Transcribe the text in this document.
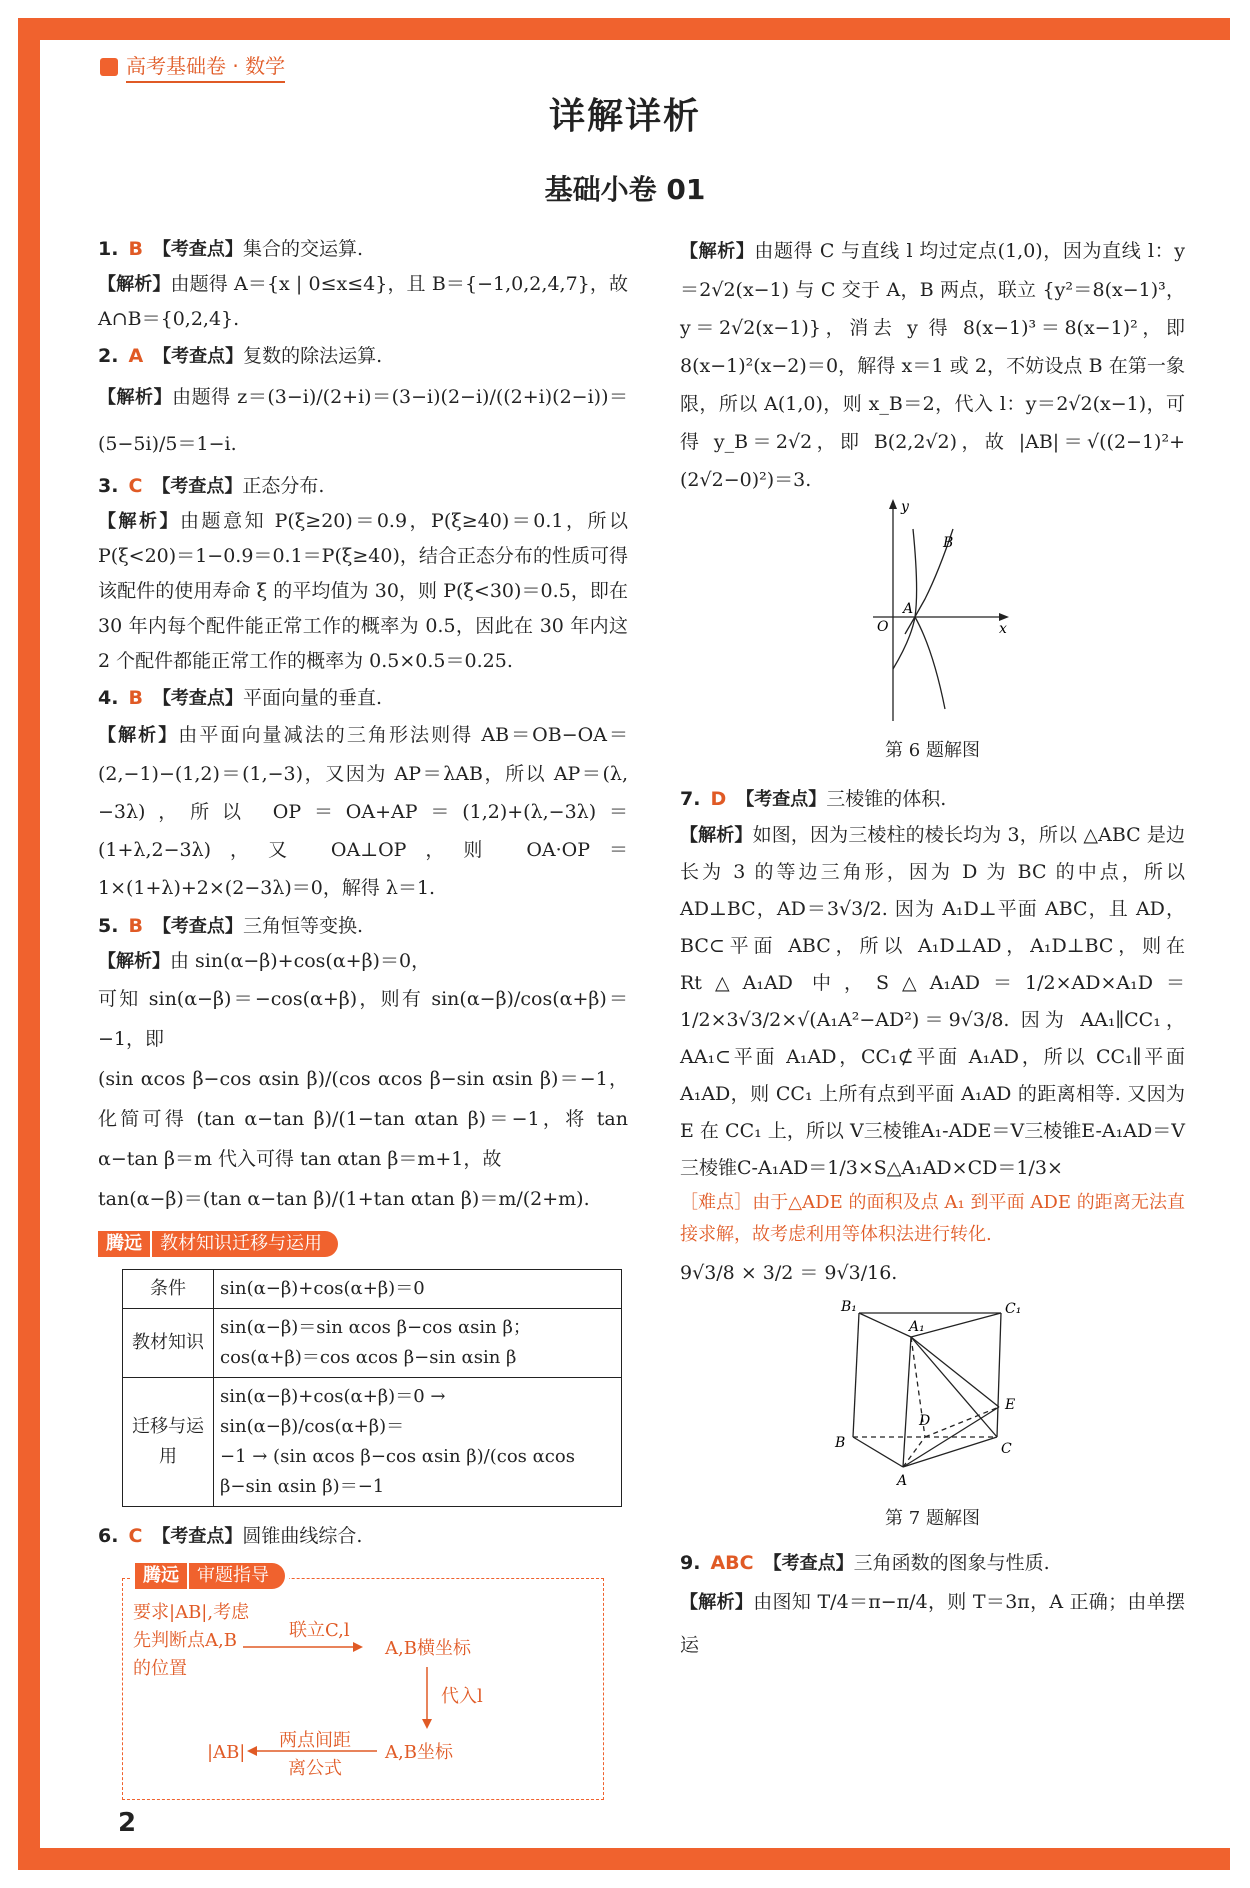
高考基础卷 · 数学
详解详析
基础小卷 01
1. B 【考查点】集合的交运算.

【解析】由题得 A＝{x | 0≤x≤4}，且 B＝{−1,0,2,4,7}，故 A∩B＝{0,2,4}.

2. A 【考查点】复数的除法运算.

【解析】由题得 z＝(3−i)/(2+i)＝(3−i)(2−i)/((2+i)(2−i))＝(5−5i)/5＝1−i.

3. C 【考查点】正态分布.

【解析】由题意知 P(ξ≥20)＝0.9，P(ξ≥40)＝0.1，所以 P(ξ<20)＝1−0.9＝0.1＝P(ξ≥40)，结合正态分布的性质可得该配件的使用寿命 ξ 的平均值为 30，则 P(ξ<30)＝0.5，即在 30 年内每个配件能正常工作的概率为 0.5，因此在 30 年内这 2 个配件都能正常工作的概率为 0.5×0.5＝0.25.

4. B 【考查点】平面向量的垂直.

【解析】由平面向量减法的三角形法则得 AB＝OB−OA＝(2,−1)−(1,2)＝(1,−3)，又因为 AP＝λAB，所以 AP＝(λ,−3λ)，所以 OP＝OA+AP＝(1,2)+(λ,−3λ)＝(1+λ,2−3λ)，又 OA⊥OP，则 OA·OP＝1×(1+λ)+2×(2−3λ)＝0，解得 λ＝1.

5. B 【考查点】三角恒等变换.

【解析】由 sin(α−β)+cos(α+β)＝0，

可知 sin(α−β)＝−cos(α+β)，则有 sin(α−β)/cos(α+β)＝−1，即

(sin αcos β−cos αsin β)/(cos αcos β−sin αsin β)＝−1，化简可得 (tan α−tan β)/(1−tan αtan β)＝−1，将 tan α−tan β＝m 代入可得 tan αtan β＝m+1，故

tan(α−β)＝(tan α−tan β)/(1+tan αtan β)＝m/(2+m).

腾远	教材知识迁移与运用
条件	sin(α−β)+cos(α+β)＝0
教材知识	sin(α−β)＝sin αcos β−cos αsin β；
cos(α+β)＝cos αcos β−sin αsin β

迁移与运用	sin(α−β)+cos(α+β)＝0 → sin(α−β)/cos(α+β)＝
−1 → (sin αcos β−cos αsin β)/(cos αcos β−sin αsin β)＝−1
6. C 【考查点】圆锥曲线综合.
腾远	审题指导
要求|AB|,考虑
先判断点A,B
的位置
联立C,l
A,B横坐标
代入l
两点间距
离公式
|AB|	A,B坐标

【解析】由题得 C 与直线 l 均过定点(1,0)，因为直线 l：y＝2√2(x−1) 与 C 交于 A，B 两点，联立 {y²＝8(x−1)³，y＝2√2(x−1)}，消去 y 得 8(x−1)³＝8(x−1)²，即 8(x−1)²(x−2)＝0，解得 x＝1 或 2，不妨设点 B 在第一象限，所以 A(1,0)，则 x_B＝2，代入 l：y＝2√2(x−1)，可得 y_B＝2√2，即 B(2,2√2)，故 |AB|＝√((2−1)²+(2√2−0)²)＝3.

y
x
O
A
B
第 6 题解图
7. D 【考查点】三棱锥的体积.

【解析】如图，因为三棱柱的棱长均为 3，所以 △ABC 是边长为 3 的等边三角形，因为 D 为 BC 的中点，所以 AD⊥BC，AD＝3√3/2. 因为 A₁D⊥平面 ABC，且 AD，BC⊂平面 ABC，所以 A₁D⊥AD，A₁D⊥BC，则在 Rt△A₁AD 中，S△A₁AD＝1/2×AD×A₁D＝1/2×3√3/2×√(A₁A²−AD²)＝9√3/8. 因为 AA₁∥CC₁，AA₁⊂平面 A₁AD，CC₁⊄平面 A₁AD，所以 CC₁∥平面 A₁AD，则 CC₁ 上所有点到平面 A₁AD 的距离相等. 又因为 E 在 CC₁ 上，所以 V三棱锥A₁-ADE＝V三棱锥E-A₁AD＝V三棱锥C-A₁AD＝1/3×S△A₁AD×CD＝1/3×

［难点］由于△ADE 的面积及点 A₁ 到平面 ADE 的距离无法直接求解，故考虑利用等体积法进行转化.

9√3/8 × 3/2 ＝ 9√3/16.

B₁	C₁
A₁
E
D
B	C
A
第 7 题解图
9. ABC 【考查点】三角函数的图象与性质.

【解析】由图知 T/4＝π−π/4，则 T＝3π，A 正确；由单摆运

2
